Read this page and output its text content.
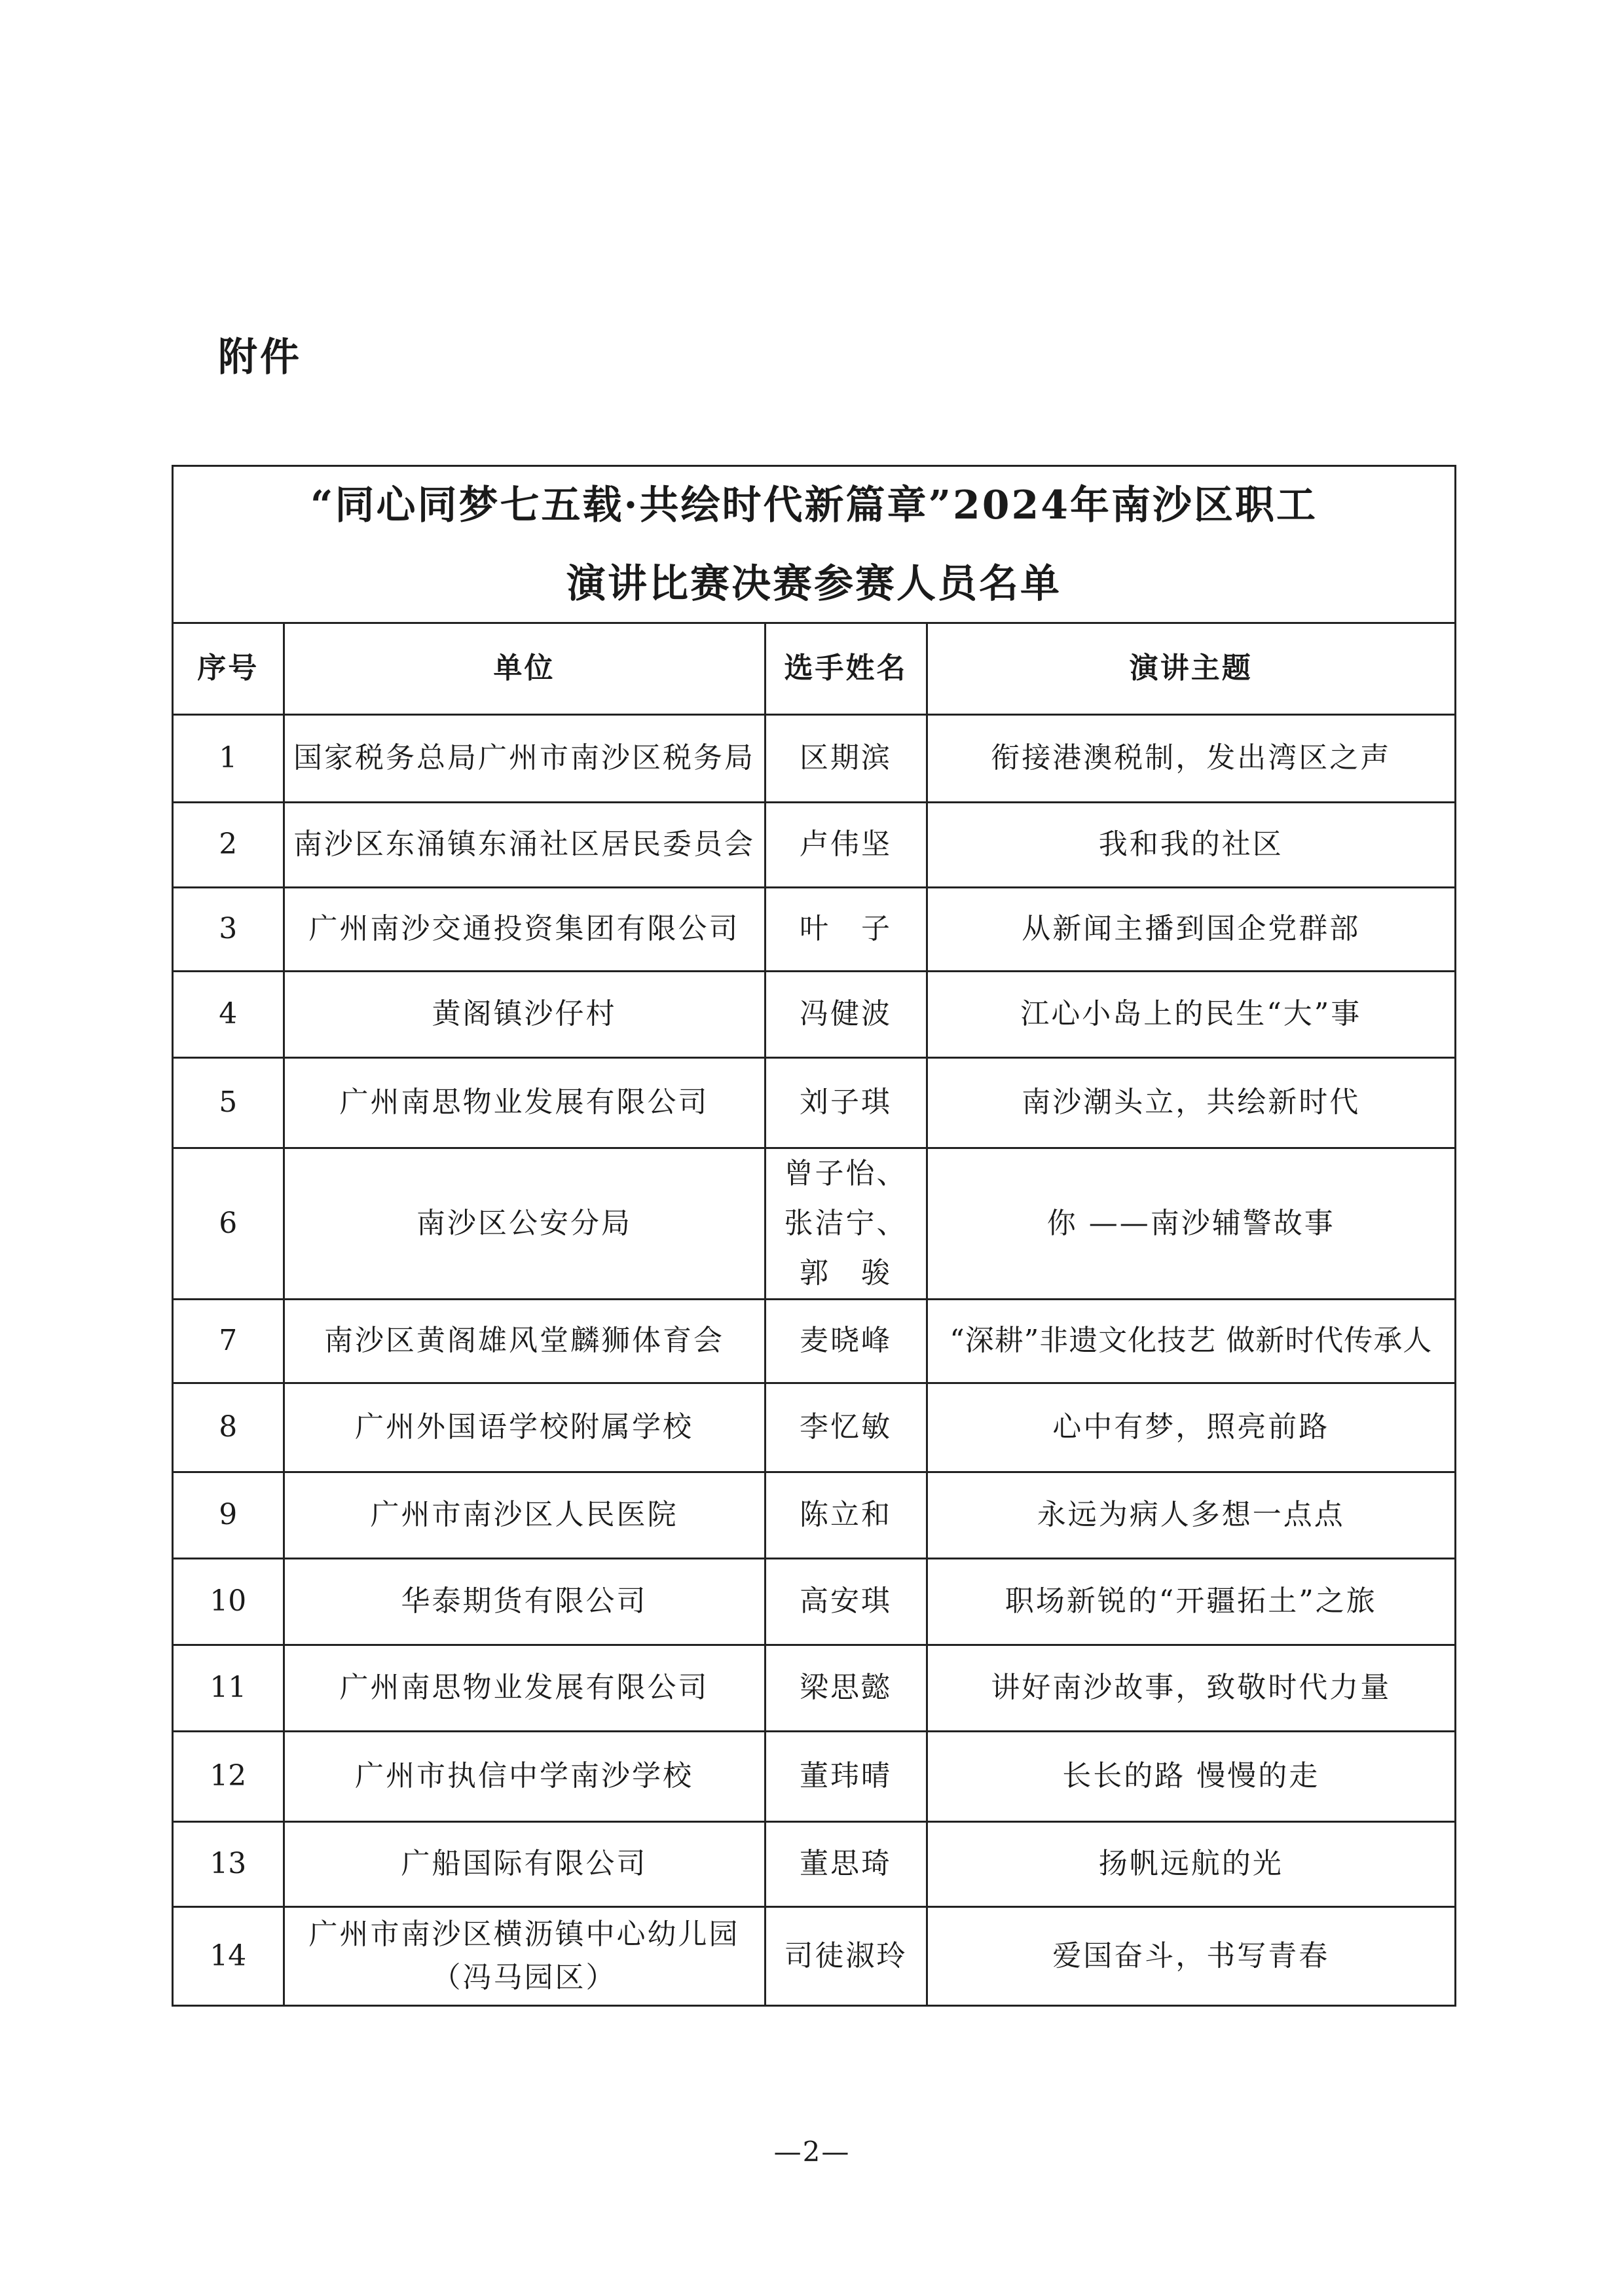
附件
“同心同梦七五载·共绘时代新篇章”2024年南沙区职工
演讲比赛决赛参赛人员名单
序号	单位	选手姓名	演讲主题
1	国家税务总局广州市南沙区税务局	区期滨	衔接港澳税制，发出湾区之声
2	南沙区东涌镇东涌社区居民委员会	卢伟坚	我和我的社区
3	广州南沙交通投资集团有限公司	叶　子	从新闻主播到国企党群部
4	黄阁镇沙仔村	冯健波	江心小岛上的民生“大”事
5	广州南思物业发展有限公司	刘子琪	南沙潮头立，共绘新时代
6	南沙区公安分局	曾子怡、
张洁宁、
郭　骏	你 ——南沙辅警故事
7	南沙区黄阁雄风堂麟狮体育会	麦晓峰	“深耕”非遗文化技艺 做新时代传承人
8	广州外国语学校附属学校	李忆敏	心中有梦，照亮前路
9	广州市南沙区人民医院	陈立和	永远为病人多想一点点
10	华泰期货有限公司	高安琪	职场新锐的“开疆拓土”之旅
11	广州南思物业发展有限公司	梁思懿	讲好南沙故事，致敬时代力量
12	广州市执信中学南沙学校	董玮晴	长长的路 慢慢的走
13	广船国际有限公司	董思琦	扬帆远航的光
14	广州市南沙区横沥镇中心幼儿园
（冯马园区）	司徒淑玲	爱国奋斗，书写青春
—2—
